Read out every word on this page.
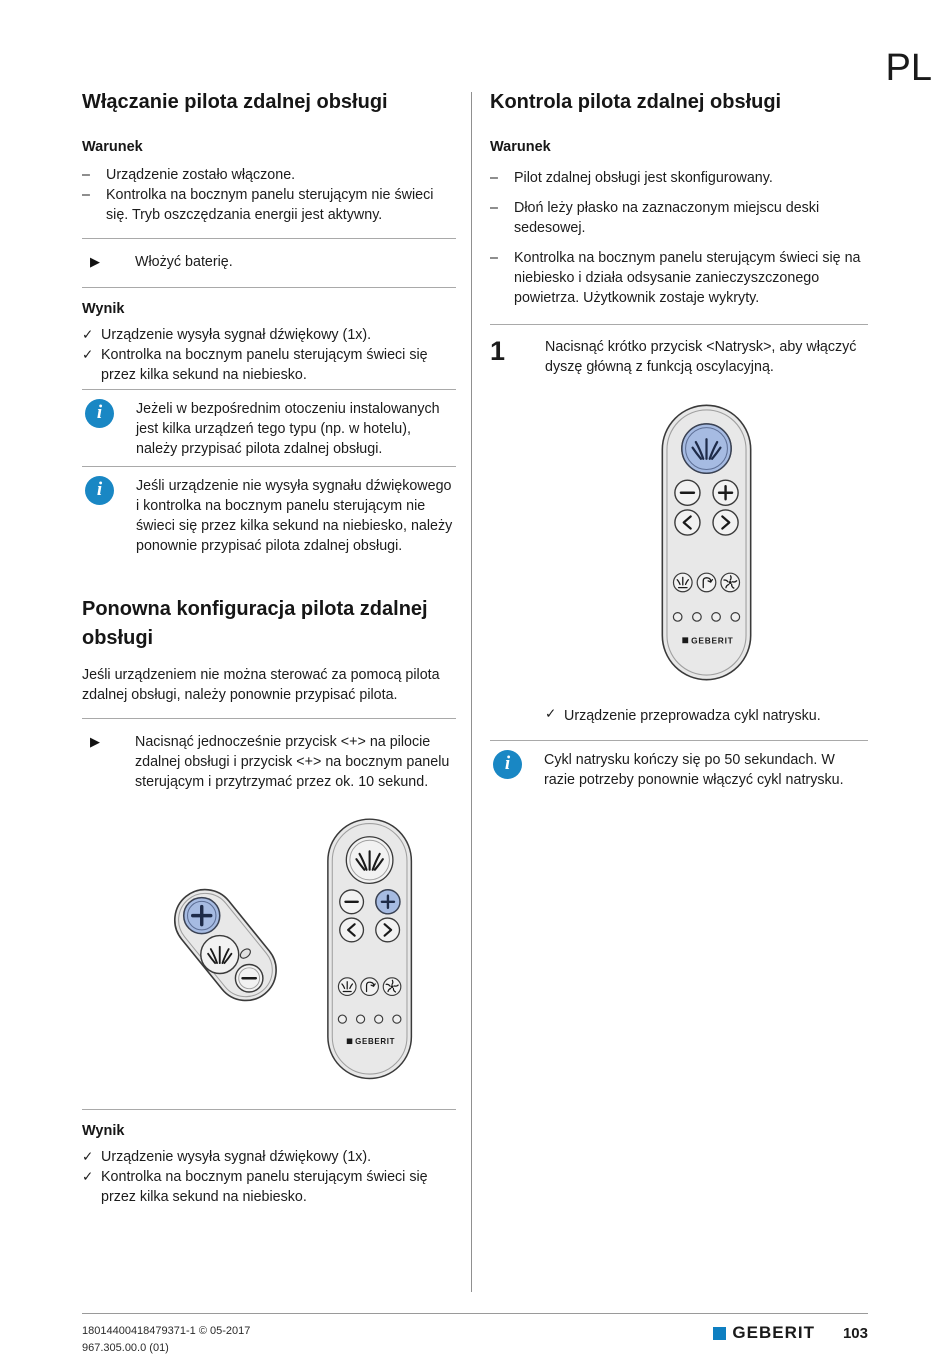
PL
Włączanie pilota zdalnej obsługi
Warunek
–	Urządzenie zostało włączone.
–	Kontrolka na bocznym panelu sterującym nie świeci się. Tryb oszczędzania energii jest aktywny.
▶	Włożyć baterię.
Wynik
✓ Urządzenie wysyła sygnał dźwiękowy (1x).
✓ Kontrolka na bocznym panelu sterującym świeci się przez kilka sekund na niebiesko.
i	Jeżeli w bezpośrednim otoczeniu instalowanych jest kilka urządzeń tego typu (np. w hotelu), należy przypisać pilota zdalnej obsługi.
i	Jeśli urządzenie nie wysyła sygnału dźwiękowego i kontrolka na bocznym panelu sterującym nie świeci się przez kilka sekund na niebiesko, należy ponownie przypisać pilota zdalnej obsługi.
Ponowna konfiguracja pilota zdalnej obsługi

Jeśli urządzeniem nie można sterować za pomocą pilota zdalnej obsługi, należy ponownie przypisać pilota.

▶	Nacisnąć jednocześnie przycisk <+> na pilocie zdalnej obsługi i przycisk <+> na bocznym panelu sterującym i przytrzymać przez ok. 10 sekund.
Wynik
✓ Urządzenie wysyła sygnał dźwiękowy (1x).
✓ Kontrolka na bocznym panelu sterującym świeci się przez kilka sekund na niebiesko.
Kontrola pilota zdalnej obsługi
Warunek
–	Pilot zdalnej obsługi jest skonfigurowany.
–	Dłoń leży płasko na zaznaczonym miejscu deski sedesowej.
–	Kontrolka na bocznym panelu sterującym świeci się na niebiesko i działa odsysanie zanieczyszczonego powietrza. Użytkownik zostaje wykryty.
1	Nacisnąć krótko przycisk <Natrysk>, aby włączyć dyszę główną z funkcją oscylacyjną.
✓ Urządzenie przeprowadza cykl natrysku.
i	Cykl natrysku kończy się po 50 sekundach. W razie potrzeby ponownie włączyć cykl natrysku.
18014400418479371-1 © 05-2017
967.305.00.0 (01)
GEBERIT 103
